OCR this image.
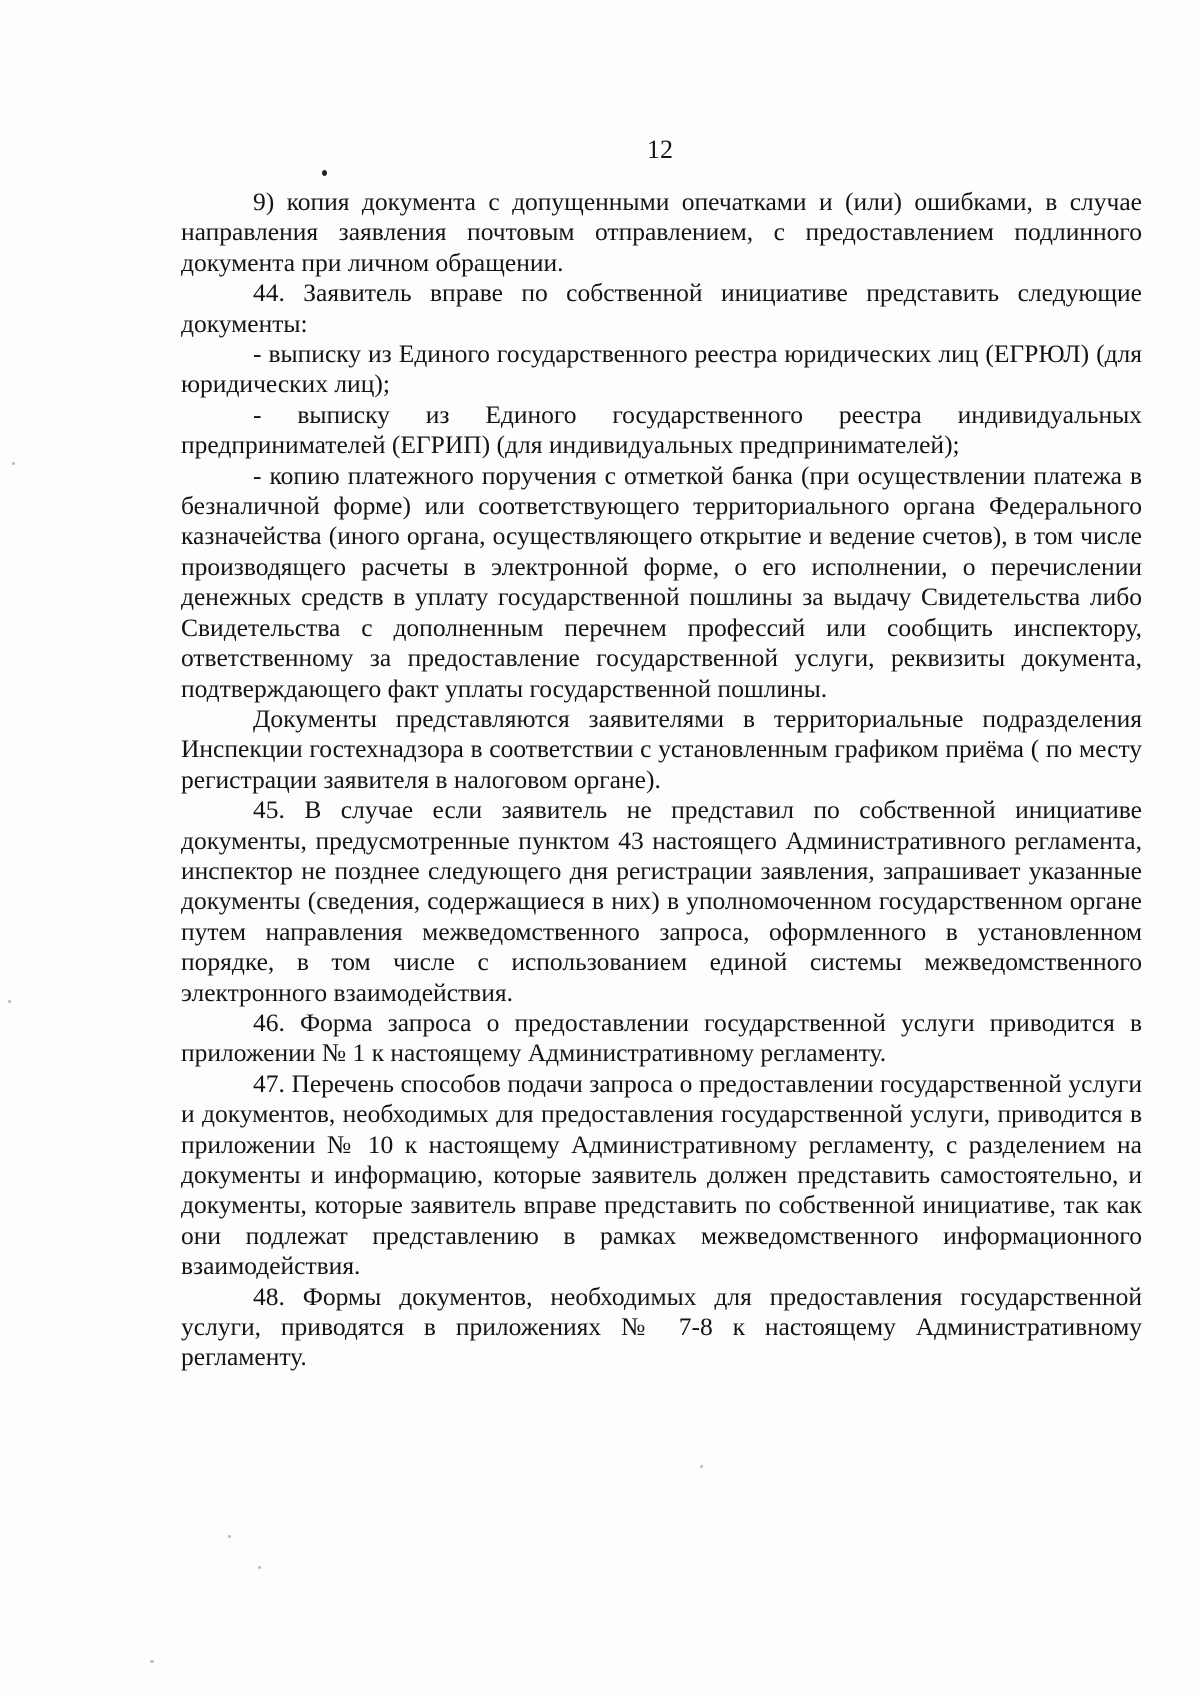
12

9) копия документа с допущенными опечатками и (или) ошибками, в случае направления заявления почтовым отправлением, с предоставлением подлинного документа при личном обращении.

44. Заявитель вправе по собственной инициативе представить следующие документы:

- выписку из Единого государственного реестра юридических лиц (ЕГРЮЛ) (для юридических лиц);

- выписку из Единого государственного реестра индивидуальных предпринимателей (ЕГРИП) (для индивидуальных предпринимателей);

- копию платежного поручения с отметкой банка (при осуществлении платежа в безналичной форме) или соответствующего территориального органа Федерального казначейства (иного органа, осуществляющего открытие и ведение счетов), в том числе производящего расчеты в электронной форме, о его исполнении, о перечислении денежных средств в уплату государственной пошлины за выдачу Свидетельства либо Свидетельства с дополненным перечнем профессий или сообщить инспектору, ответственному за предоставление государственной услуги, реквизиты документа, подтверждающего факт уплаты государственной пошлины.

Документы представляются заявителями в территориальные подразделения Инспекции гостехнадзора в соответствии с установленным графиком приёма ( по месту регистрации заявителя в налоговом органе).

45. В случае если заявитель не представил по собственной инициативе документы, предусмотренные пунктом 43 настоящего Административного регламента, инспектор не позднее следующего дня регистрации заявления, запрашивает указанные документы (сведения, содержащиеся в них) в уполномоченном государственном органе путем направления межведомственного запроса, оформленного в установленном порядке, в том числе с использованием единой системы межведомственного электронного взаимодействия.

46. Форма запроса о предоставлении государственной услуги приводится в приложении № 1 к настоящему Административному регламенту.

47. Перечень способов подачи запроса о предоставлении государственной услуги и документов, необходимых для предоставления государственной услуги, приводится в приложении № 10 к настоящему Административному регламенту, с разделением на документы и информацию, которые заявитель должен представить самостоятельно, и документы, которые заявитель вправе представить по собственной инициативе, так как они подлежат представлению в рамках межведомственного информационного взаимодействия.

48. Формы документов, необходимых для предоставления государственной услуги, приводятся в приложениях № 7-8 к настоящему Административному регламенту.
